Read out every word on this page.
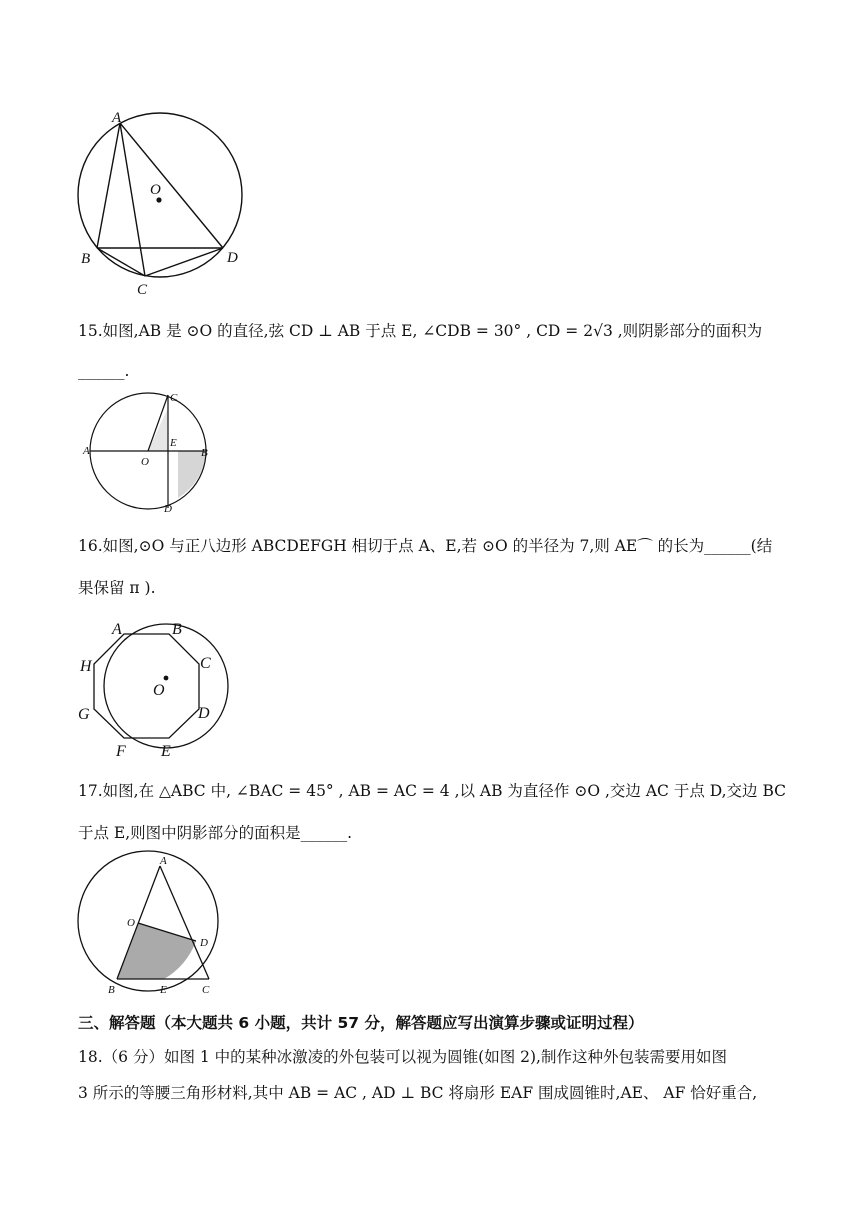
A
O
B
C
D
15.如图,AB 是 ⊙O 的直径,弦 CD ⊥ AB 于点 E, ∠CDB = 30° , CD = 2√3 ,则阴影部分的面积为
______.
A
O
E
B
C
D
16.如图,⊙O 与正八边形 ABCDEFGH 相切于点 A、E,若 ⊙O 的半径为 7,则 AE⌒ 的长为______(结
果保留 π ).
A	B
C
D
E
F
G
H
O
17.如图,在 △ABC 中, ∠BAC = 45° , AB = AC = 4 ,以 AB 为直径作 ⊙O ,交边 AC 于点 D,交边 BC
于点 E,则图中阴影部分的面积是______.
A
O
D
B	E	C
三、解答题（本大题共 6 小题，共计 57 分，解答题应写出演算步骤或证明过程）
18.（6 分）如图 1 中的某种冰激凌的外包装可以视为圆锥(如图 2),制作这种外包装需要用如图
3 所示的等腰三角形材料,其中 AB = AC , AD ⊥ BC 将扇形 EAF 围成圆锥时,AE、 AF 恰好重合,
